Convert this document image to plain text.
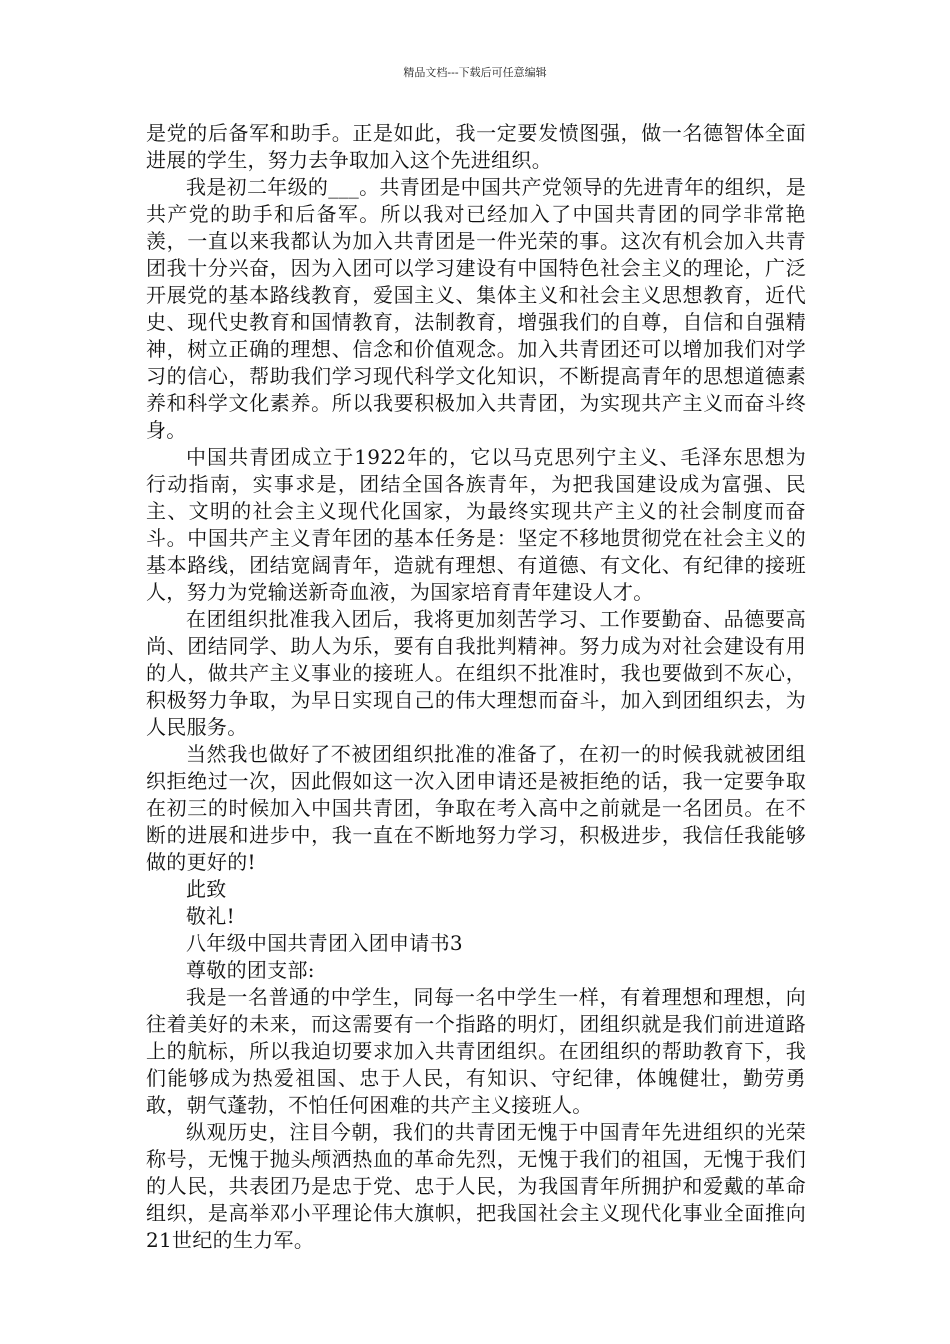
精品文档---下载后可任意编辑

是党的后备军和助手。正是如此，我一定要发愤图强，做一名德智体全面进展的学生，努力去争取加入这个先进组织。

我是初二年级的___。共青团是中国共产党领导的先进青年的组织，是共产党的助手和后备军。所以我对已经加入了中国共青团的同学非常艳羡，一直以来我都认为加入共青团是一件光荣的事。这次有机会加入共青团我十分兴奋，因为入团可以学习建设有中国特色社会主义的理论，广泛开展党的基本路线教育，爱国主义、集体主义和社会主义思想教育，近代史、现代史教育和国情教育，法制教育，增强我们的自尊，自信和自强精神，树立正确的理想、信念和价值观念。加入共青团还可以增加我们对学习的信心，帮助我们学习现代科学文化知识，不断提高青年的思想道德素养和科学文化素养。所以我要积极加入共青团，为实现共产主义而奋斗终身。

中国共青团成立于1922年的，它以马克思列宁主义、毛泽东思想为行动指南，实事求是，团结全国各族青年，为把我国建设成为富强、民主、文明的社会主义现代化国家，为最终实现共产主义的社会制度而奋斗。中国共产主义青年团的基本任务是：坚定不移地贯彻党在社会主义的基本路线，团结宽阔青年，造就有理想、有道德、有文化、有纪律的接班人，努力为党输送新奇血液，为国家培育青年建设人才。

在团组织批准我入团后，我将更加刻苦学习、工作要勤奋、品德要高尚、团结同学、助人为乐，要有自我批判精神。努力成为对社会建设有用的人，做共产主义事业的接班人。在组织不批准时，我也要做到不灰心，积极努力争取，为早日实现自己的伟大理想而奋斗，加入到团组织去，为人民服务。

当然我也做好了不被团组织批准的准备了，在初一的时候我就被团组织拒绝过一次，因此假如这一次入团申请还是被拒绝的话，我一定要争取在初三的时候加入中国共青团，争取在考入高中之前就是一名团员。在不断的进展和进步中，我一直在不断地努力学习，积极进步，我信任我能够做的更好的!

此致

敬礼!

八年级中国共青团入团申请书3

尊敬的团支部:

我是一名普通的中学生，同每一名中学生一样，有着理想和理想，向往着美好的未来，而这需要有一个指路的明灯，团组织就是我们前进道路上的航标，所以我迫切要求加入共青团组织。在团组织的帮助教育下，我们能够成为热爱祖国、忠于人民，有知识、守纪律，体魄健壮，勤劳勇敢，朝气蓬勃，不怕任何困难的共产主义接班人。

纵观历史，注目今朝，我们的共青团无愧于中国青年先进组织的光荣称号，无愧于抛头颅洒热血的革命先烈，无愧于我们的祖国，无愧于我们的人民，共表团乃是忠于党、忠于人民，为我国青年所拥护和爱戴的革命组织，是高举邓小平理论伟大旗帜，把我国社会主义现代化事业全面推向21世纪的生力军。
